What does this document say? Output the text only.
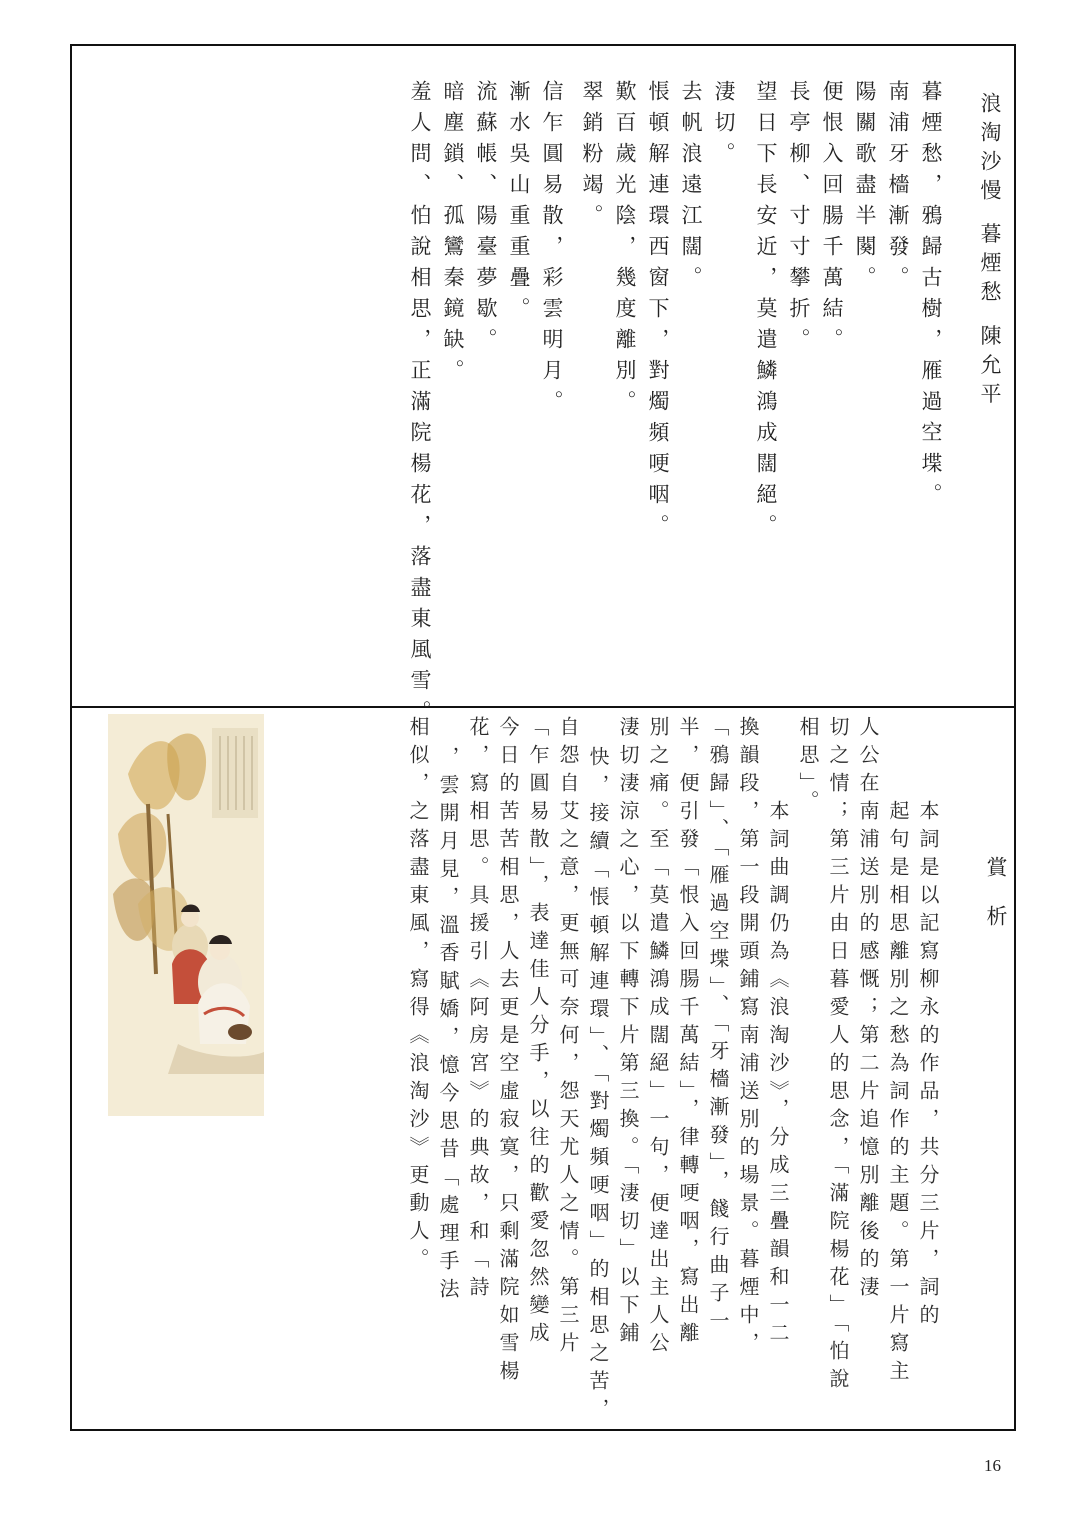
浪淘沙慢 暮煙愁 陳允平

暮煙愁，鴉歸古樹，雁過空堞。

南浦牙檣漸發。

陽關歌盡半闋。

便恨入回腸千萬結。

長亭柳、寸寸攀折。

望日下長安近，莫遣鱗鴻成闊絕。

淒切。

去帆浪遠江闊。

悵頓解連環西窗下，對燭頻哽咽。

歎百歲光陰，幾度離別。

翠銷粉竭。

信乍圓易散，彩雲明月。

漸水吳山重重疊。

流蘇帳、陽臺夢歇。

暗塵鎖、孤鸞秦鏡缺。

羞人問、怕說相思，正滿院楊花，落盡東風雪。

賞析

本詞是以記寫柳永的作品，共分三片，詞的

起句是相思離別之愁為詞作的主題。第一片寫主

人公在南浦送別的感慨；第二片追憶別離後的淒

切之情；第三片由日暮愛人的思念，「滿院楊花」「怕說

相思」。

本詞曲調仍為《浪淘沙》，分成三疊韻和一二

換韻段，第一段開頭鋪寫南浦送別的場景。暮煙中，

「鴉歸」、「雁過空堞」、「牙檣漸發」，餞行曲子一

半，便引發「恨入回腸千萬結」，律轉哽咽，寫出離

別之痛。至「莫遣鱗鴻成闊絕」一句，便達出主人公

淒切淒涼之心，以下轉下片第三換。「淒切」以下鋪

快，接續「悵頓解連環」、「對燭頻哽咽」的相思之苦，

自怨自艾之意，更無可奈何，怨天尤人之情。第三片

「乍圓易散」，表達佳人分手，以往的歡愛忽然變成

今日的苦苦相思，人去更是空虛寂寞，只剩滿院如雪楊

花，寫相思。具援引《阿房宮》的典故，和「詩

，雲開月見，溫香賦嬌，憶今思昔「處理手法

相似，之落盡東風，寫得《浪淘沙》更動人。

16
